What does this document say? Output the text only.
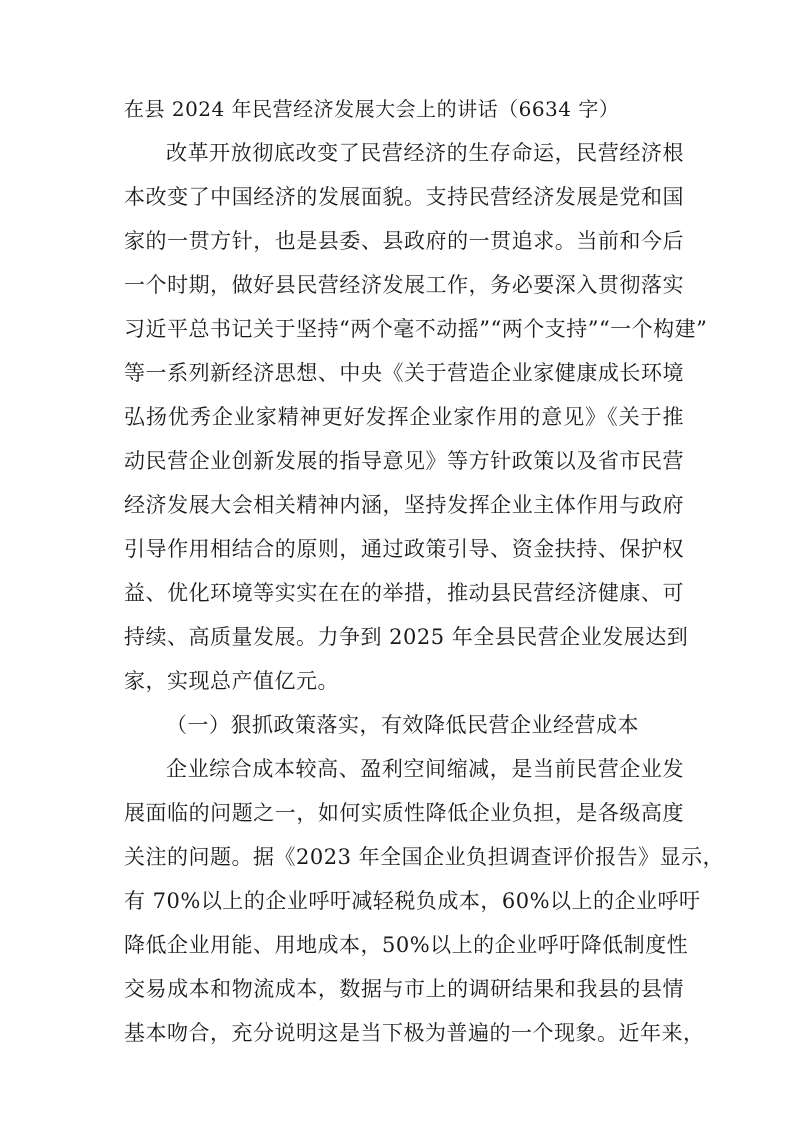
在县 2024 年民营经济发展大会上的讲话（6634 字）
改革开放彻底改变了民营经济的生存命运，民营经济根
本改变了中国经济的发展面貌。支持民营经济发展是党和国
家的一贯方针，也是县委、县政府的一贯追求。当前和今后
一个时期，做好县民营经济发展工作，务必要深入贯彻落实
习近平总书记关于坚持“两个毫不动摇”“两个支持”“一个构建”
等一系列新经济思想、中央《关于营造企业家健康成长环境
弘扬优秀企业家精神更好发挥企业家作用的意见》《关于推
动民营企业创新发展的指导意见》等方针政策以及省市民营
经济发展大会相关精神内涵，坚持发挥企业主体作用与政府
引导作用相结合的原则，通过政策引导、资金扶持、保护权
益、优化环境等实实在在的举措，推动县民营经济健康、可
持续、高质量发展。力争到 2025 年全县民营企业发展达到
家，实现总产值亿元。
（一）狠抓政策落实，有效降低民营企业经营成本
企业综合成本较高、盈利空间缩减，是当前民营企业发
展面临的问题之一，如何实质性降低企业负担，是各级高度
关注的问题。据《2023 年全国企业负担调查评价报告》显示，
有 70%以上的企业呼吁减轻税负成本，60%以上的企业呼吁
降低企业用能、用地成本，50%以上的企业呼吁降低制度性
交易成本和物流成本，数据与市上的调研结果和我县的县情
基本吻合，充分说明这是当下极为普遍的一个现象。近年来，
